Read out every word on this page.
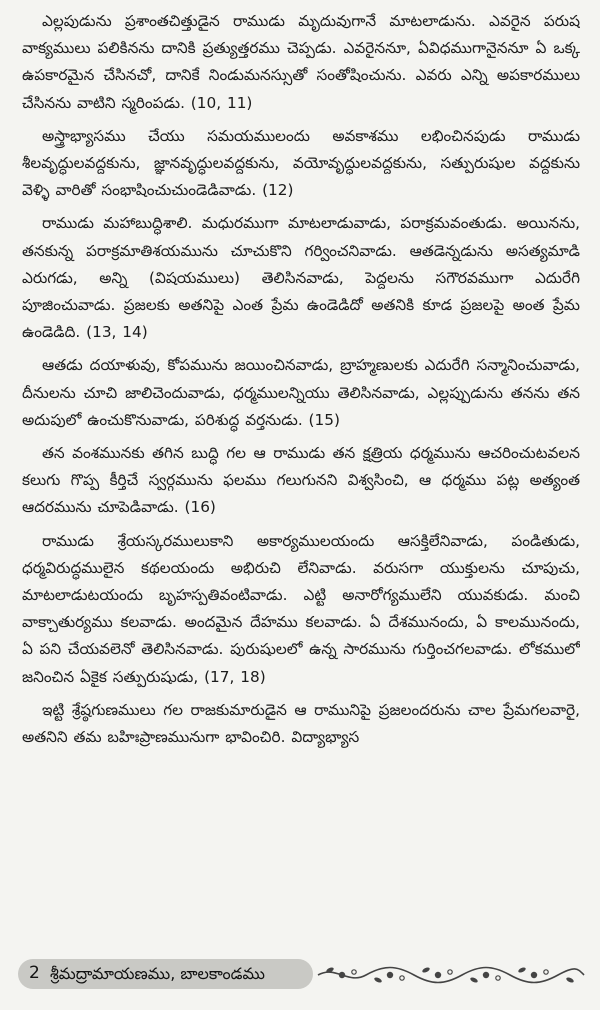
ఎల్లపుడును ప్రశాంతచిత్తుడైన రాముడు మృదువుగానే మాటలాడును. ఎవరైన పరుష వాక్యములు పలికినను దానికి ప్రత్యుత్తరము చెప్పడు. ఎవరైననూ, ఏవిధముగానైననూ ఏ ఒక్క ఉపకారమైన చేసినచో, దానికే నిండుమనస్సుతో సంతోషించును. ఎవరు ఎన్ని అపకారములు చేసినను వాటిని స్మరింపడు. (10, 11)

అస్త్రాభ్యాసము చేయు సమయములందు అవకాశము లభించినపుడు రాముడు శీలవృద్ధులవద్దకును, జ్ఞానవృద్ధులవద్దకును, వయోవృద్ధులవద్దకును, సత్పురుషుల వద్దకును వెళ్ళి వారితో సంభాషించుచుండెడివాడు. (12)

రాముడు మహాబుద్ధిశాలి. మధురముగా మాటలాడువాడు, పరాక్రమవంతుడు. అయినను, తనకున్న పరాక్రమాతిశయమును చూచుకొని గర్వించనివాడు. ఆతడెన్నడును అసత్యమాడి ఎరుగడు, అన్ని (విషయములు) తెలిసినవాడు, పెద్దలను సగౌరవముగా ఎదురేగి పూజించువాడు. ప్రజలకు అతనిపై ఎంత ప్రేమ ఉండెడిదో అతనికి కూడ ప్రజలపై అంత ప్రేమ ఉండెడిది. (13, 14)

ఆతడు దయాళువు, కోపమును జయించినవాడు, బ్రాహ్మణులకు ఎదురేగి సన్మానించువాడు, దీనులను చూచి జాలిచెందువాడు, ధర్మములన్నియు తెలిసినవాడు, ఎల్లప్పుడును తనను తన అదుపులో ఉంచుకొనువాడు, పరిశుద్ధ వర్తనుడు. (15)

తన వంశమునకు తగిన బుద్ధి గల ఆ రాముడు తన క్షత్రియ ధర్మమును ఆచరించుటవలన కలుగు గొప్ప కీర్తిచే స్వర్గమును ఫలము గలుగునని విశ్వసించి, ఆ ధర్మము పట్ల అత్యంత ఆదరమును చూపెడివాడు. (16)

రాముడు శ్రేయస్కరములుకాని అకార్యములయందు ఆసక్తిలేనివాడు, పండితుడు, ధర్మవిరుద్ధములైన కథలయందు అభిరుచి లేనివాడు. వరుసగా యుక్తులను చూపుచు, మాటలాడుటయందు బృహస్పతివంటివాడు. ఎట్టి అనారోగ్యములేని యువకుడు. మంచి వాక్చాతుర్యము కలవాడు. అందమైన దేహము కలవాడు. ఏ దేశమునందు, ఏ కాలమునందు, ఏ పని చేయవలెనో తెలిసినవాడు. పురుషులలో ఉన్న సారమును గుర్తించగలవాడు. లోకములో జనించిన ఏకైక సత్పురుషుడు, (17, 18)

ఇట్టి శ్రేష్ఠగుణములు గల రాజకుమారుడైన ఆ రామునిపై ప్రజలందరును చాల ప్రేమగలవారై, అతనిని తమ బహిఃప్రాణమునుగా భావించిరి. విద్యాభ్యాస

2 శ్రీమద్రామాయణము, బాలకాండము
